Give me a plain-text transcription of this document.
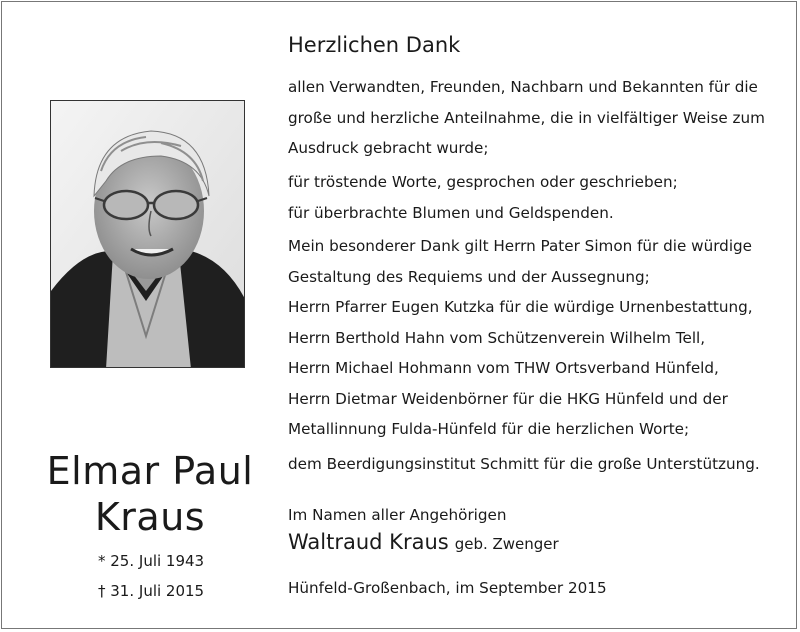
Herzlichen Dank
allen Verwandten, Freunden, Nachbarn und Bekannten für die
große und herzliche Anteilnahme, die in vielfältiger Weise zum
Ausdruck gebracht wurde;
für tröstende Worte, gesprochen oder geschrieben;
für überbrachte Blumen und Geldspenden.
Mein besonderer Dank gilt Herrn Pater Simon für die würdige
Gestaltung des Requiems und der Aussegnung;
Herrn Pfarrer Eugen Kutzka für die würdige Urnenbestattung,
Herrn Berthold Hahn vom Schützenverein Wilhelm Tell,
Herrn Michael Hohmann vom THW Ortsverband Hünfeld,
Herrn Dietmar Weidenbörner für die HKG Hünfeld und der
Metallinnung Fulda-Hünfeld für die herzlichen Worte;
dem Beerdigungsinstitut Schmitt für die große Unterstützung.
Im Namen aller Angehörigen
Waltraud Kraus geb. Zwenger
Hünfeld-Großenbach, im September 2015
Elmar Paul
Kraus
* 25. Juli 1943
† 31. Juli 2015
